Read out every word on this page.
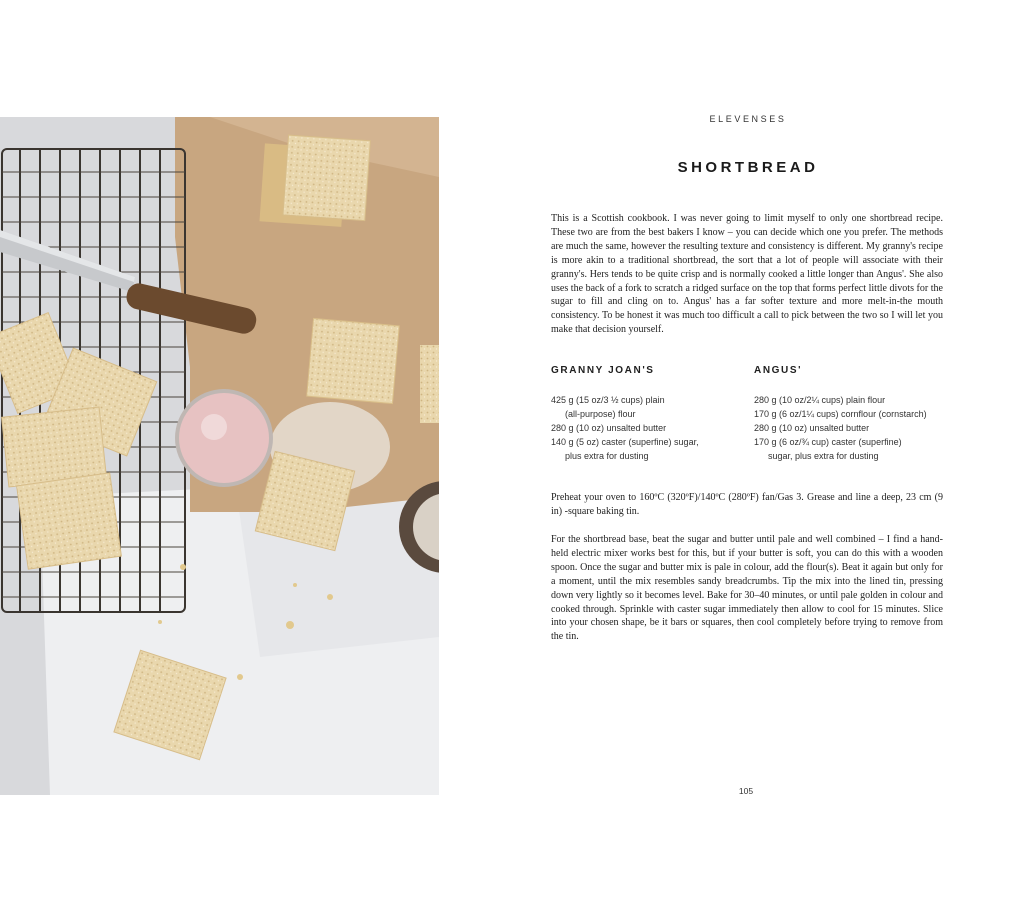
ELEVENSES
SHORTBREAD

This is a Scottish cookbook. I was never going to limit myself to only one shortbread recipe. These two are from the best bakers I know – you can decide which one you prefer. The methods are much the same, however the resulting texture and consistency is different. My granny's recipe is more akin to a traditional shortbread, the sort that a lot of people will associate with their granny's. Hers tends to be quite crisp and is normally cooked a little longer than Angus'. She also uses the back of a fork to scratch a ridged surface on the top that forms perfect little divots for the sugar to fill and cling on to. Angus' has a far softer texture and more melt-in-the mouth consistency. To be honest it was much too difficult a call to pick between the two so I will let you make that decision yourself.

GRANNY JOAN'S
425 g (15 oz/3 ½ cups) plain
(all-purpose) flour
280 g (10 oz) unsalted butter
140 g (5 oz) caster (superfine) sugar,
plus extra for dusting
ANGUS'
280 g (10 oz/2¼ cups) plain flour
170 g (6 oz/1¼ cups) cornflour (cornstarch)
280 g (10 oz) unsalted butter
170 g (6 oz/¾ cup) caster (superfine)
sugar, plus extra for dusting

Preheat your oven to 160ºC (320ºF)/140ºC (280ºF) fan/Gas 3. Grease and line a deep, 23 cm (9 in) -square baking tin.

For the shortbread base, beat the sugar and butter until pale and well combined – I find a hand-held electric mixer works best for this, but if your butter is soft, you can do this with a wooden spoon. Once the sugar and butter mix is pale in colour, add the flour(s). Beat it again but only for a moment, until the mix resembles sandy breadcrumbs. Tip the mix into the lined tin, pressing down very lightly so it becomes level. Bake for 30–40 minutes, or until pale golden in colour and cooked through. Sprinkle with caster sugar immediately then allow to cool for 15 minutes. Slice into your chosen shape, be it bars or squares, then cool completely before trying to remove from the tin.

105
